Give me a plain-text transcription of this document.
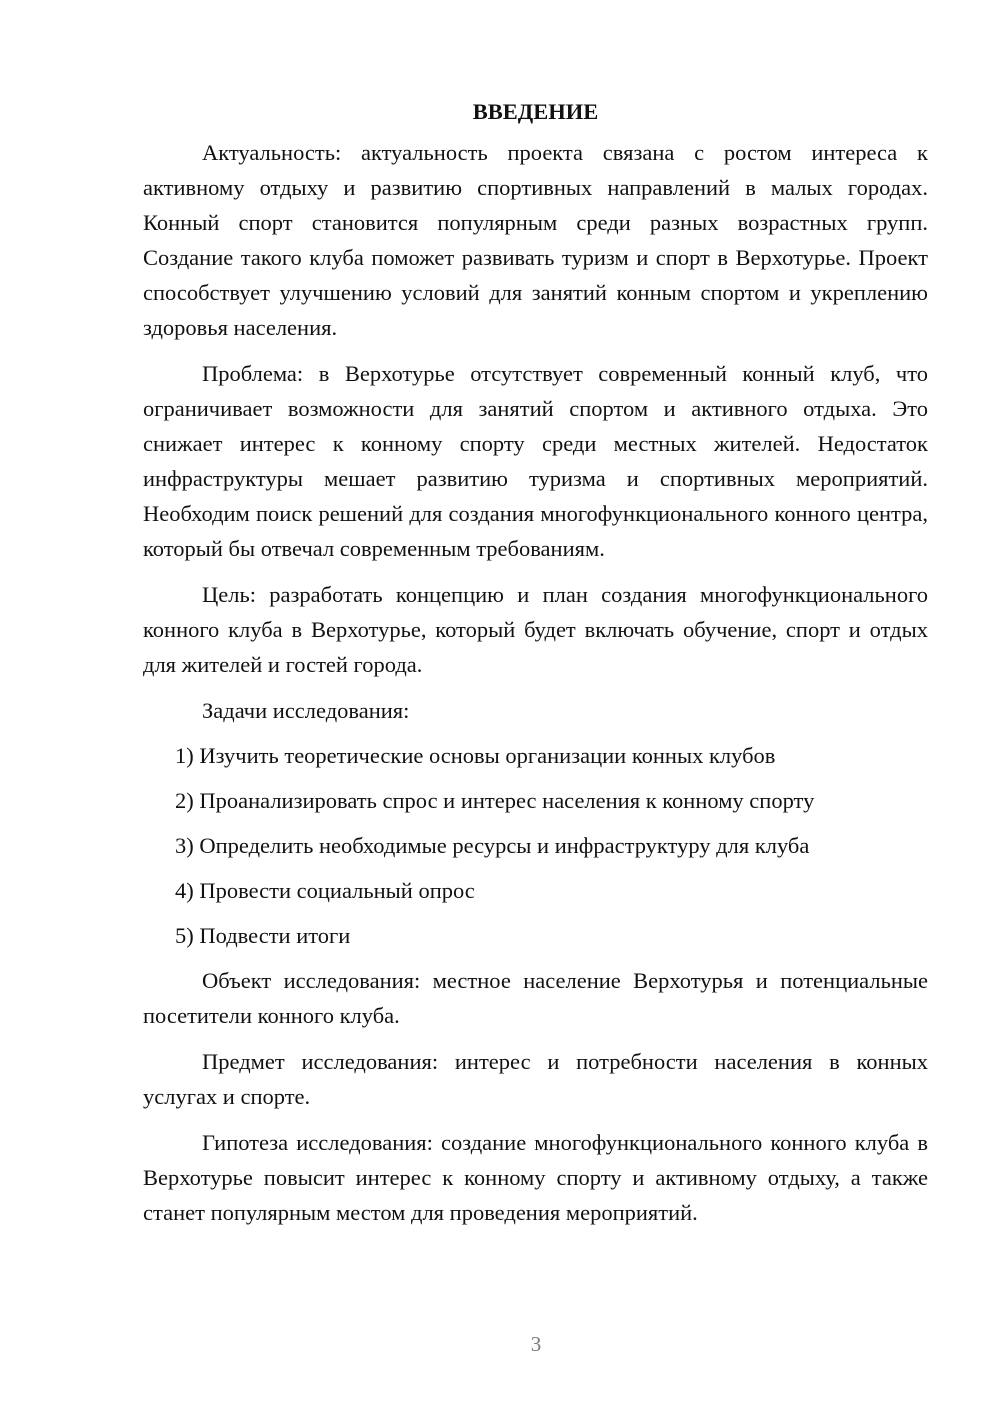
ВВЕДЕНИЕ

Актуальность: актуальность проекта связана с ростом интереса к активному отдыху и развитию спортивных направлений в малых городах. Конный спорт становится популярным среди разных возрастных групп. Создание такого клуба поможет развивать туризм и спорт в Верхотурье. Проект способствует улучшению условий для занятий конным спортом и укреплению здоровья населения.

Проблема: в Верхотурье отсутствует современный конный клуб, что ограничивает возможности для занятий спортом и активного отдыха. Это снижает интерес к конному спорту среди местных жителей. Недостаток инфраструктуры мешает развитию туризма и спортивных мероприятий. Необходим поиск решений для создания многофункционального конного центра, который бы отвечал современным требованиям.

Цель: разработать концепцию и план создания многофункционального конного клуба в Верхотурье, который будет включать обучение, спорт и отдых для жителей и гостей города.

Задачи исследования:

1) Изучить теоретические основы организации конных клубов

2) Проанализировать спрос и интерес населения к конному спорту

3) Определить необходимые ресурсы и инфраструктуру для клуба

4) Провести социальный опрос

5) Подвести итоги

Объект исследования: местное население Верхотурья и потенциальные посетители конного клуба.

Предмет исследования: интерес и потребности населения в конных услугах и спорте.

Гипотеза исследования: создание многофункционального конного клуба в Верхотурье повысит интерес к конному спорту и активному отдыху, а также станет популярным местом для проведения мероприятий.

3
